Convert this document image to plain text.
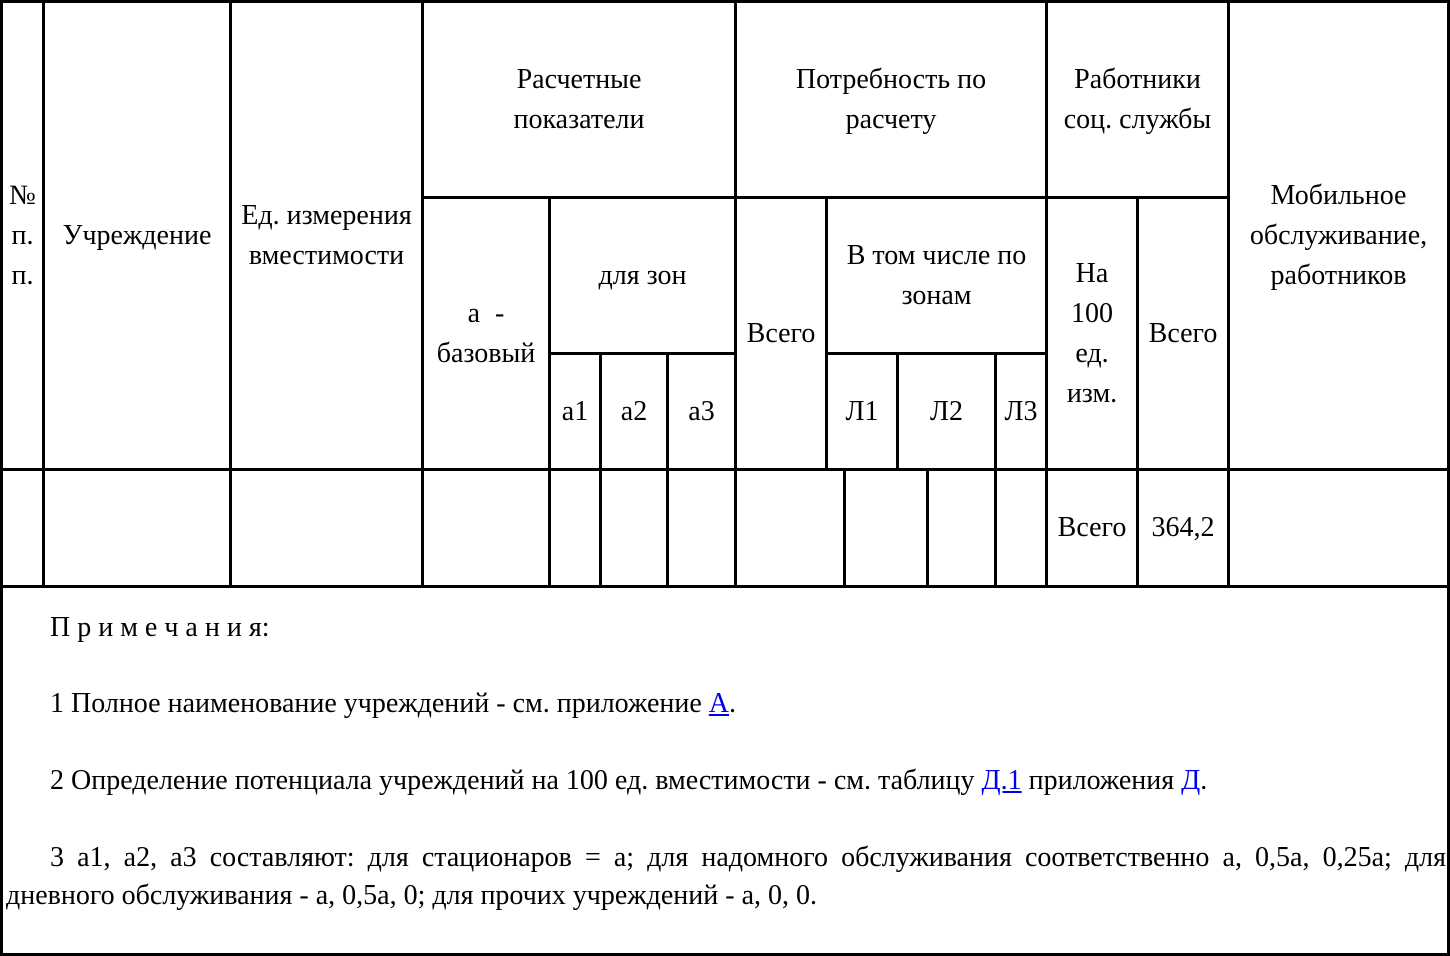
№ п. п.
Учреждение
Ед. измерения вместимости
Расчетные показатели
а - базовый
для зон
а1 а2 а3
Потребность по расчету
Всего
В том числе по зонам
Л1 Л2 Л3
Работники соц. службы
На 100 ед. изм.
Всего
Мобильное обслуживание, работников
Всего 364,2
П р и м е ч а н и я:
1 Полное наименование учреждений - см. приложение А.
2 Определение потенциала учреждений на 100 ед. вместимости - см. таблицу Д.1 приложения Д.
3 а1, а2, а3 составляют: для стационаров = а; для надомного обслуживания соответственно а, 0,5а, 0,25а; для дневного обслуживания - а, 0,5а, 0; для прочих учреждений - а, 0, 0.
